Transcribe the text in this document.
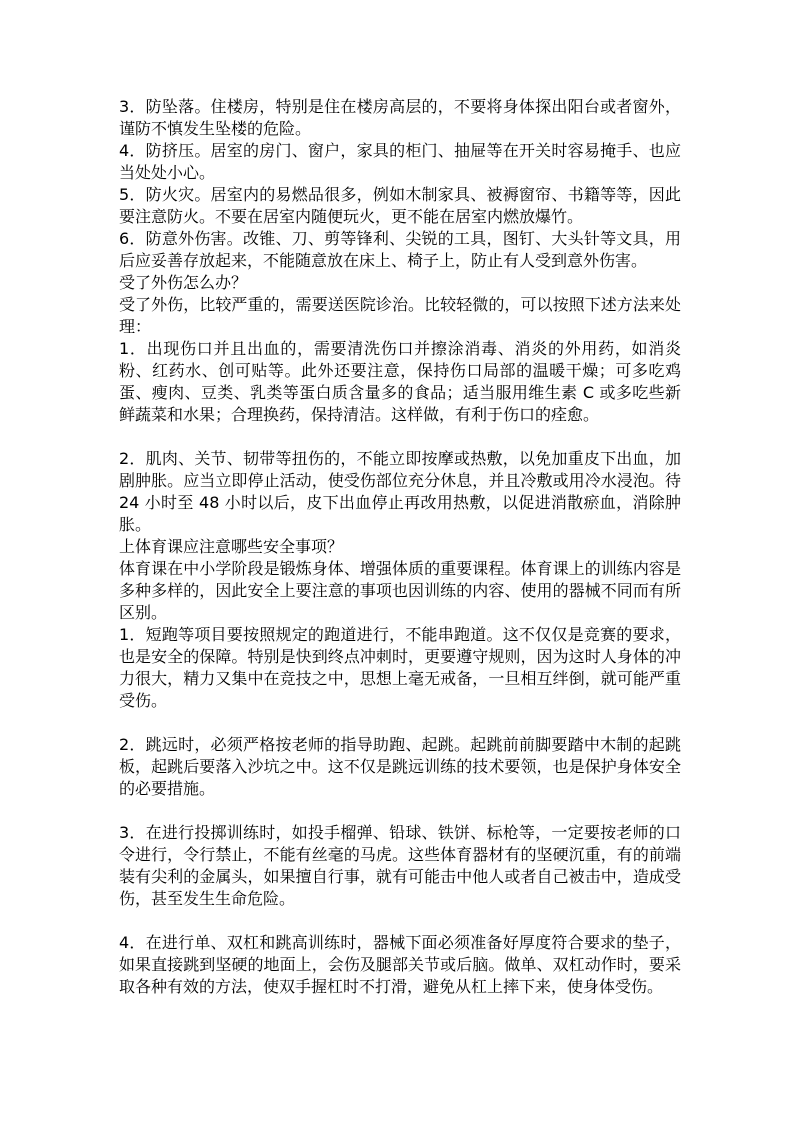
3．防坠落。住楼房，特别是住在楼房高层的，不要将身体探出阳台或者窗外，谨防不慎发生坠楼的危险。

4．防挤压。居室的房门、窗户，家具的柜门、抽屉等在开关时容易掩手、也应当处处小心。

5．防火灾。居室内的易燃品很多，例如木制家具、被褥窗帘、书籍等等，因此要注意防火。不要在居室内随便玩火，更不能在居室内燃放爆竹。

6．防意外伤害。改锥、刀、剪等锋利、尖锐的工具，图钉、大头针等文具，用后应妥善存放起来，不能随意放在床上、椅子上，防止有人受到意外伤害。

受了外伤怎么办？

受了外伤，比较严重的，需要送医院诊治。比较轻微的，可以按照下述方法来处理：

1．出现伤口并且出血的，需要清洗伤口并擦涂消毒、消炎的外用药，如消炎粉、红药水、创可贴等。此外还要注意，保持伤口局部的温暖干燥；可多吃鸡蛋、瘦肉、豆类、乳类等蛋白质含量多的食品；适当服用维生素 C 或多吃些新鲜蔬菜和水果；合理换药，保持清洁。这样做，有利于伤口的痊愈。

2．肌肉、关节、韧带等扭伤的，不能立即按摩或热敷，以免加重皮下出血，加剧肿胀。应当立即停止活动，使受伤部位充分休息，并且冷敷或用冷水浸泡。待 24 小时至 48 小时以后，皮下出血停止再改用热敷，以促进消散瘀血，消除肿胀。

上体育课应注意哪些安全事项？

体育课在中小学阶段是锻炼身体、增强体质的重要课程。体育课上的训练内容是多种多样的，因此安全上要注意的事项也因训练的内容、使用的器械不同而有所区别。

1．短跑等项目要按照规定的跑道进行，不能串跑道。这不仅仅是竞赛的要求，也是安全的保障。特别是快到终点冲刺时，更要遵守规则，因为这时人身体的冲力很大，精力又集中在竞技之中，思想上毫无戒备，一旦相互绊倒，就可能严重受伤。

2．跳远时，必须严格按老师的指导助跑、起跳。起跳前前脚要踏中木制的起跳板，起跳后要落入沙坑之中。这不仅是跳远训练的技术要领，也是保护身体安全的必要措施。

3．在进行投掷训练时，如投手榴弹、铅球、铁饼、标枪等，一定要按老师的口令进行，令行禁止，不能有丝毫的马虎。这些体育器材有的坚硬沉重，有的前端装有尖利的金属头，如果擅自行事，就有可能击中他人或者自己被击中，造成受伤，甚至发生生命危险。

4．在进行单、双杠和跳高训练时，器械下面必须准备好厚度符合要求的垫子，如果直接跳到坚硬的地面上，会伤及腿部关节或后脑。做单、双杠动作时，要采取各种有效的方法，使双手握杠时不打滑，避免从杠上摔下来，使身体受伤。
